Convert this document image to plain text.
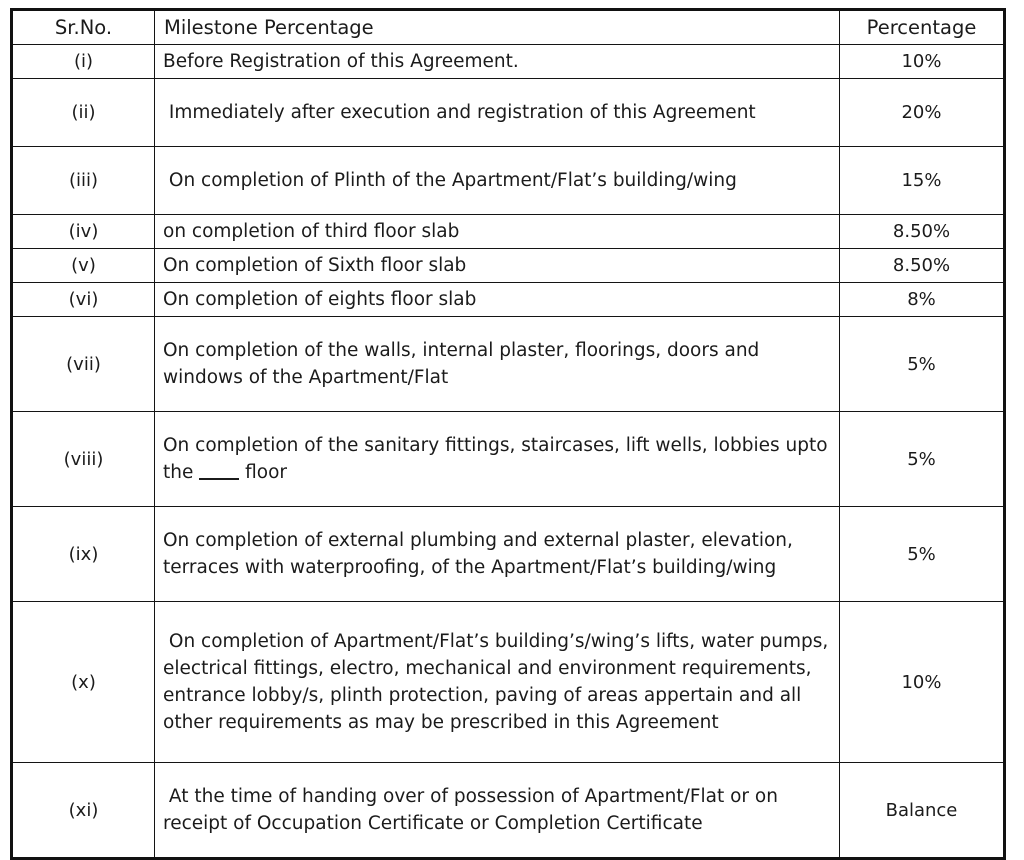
Sr.No.	Milestone Percentage	Percentage
(i)	Before Registration of this Agreement.	10%
(ii)	Immediately after execution and registration of this Agreement	20%
(iii)	On completion of Plinth of the Apartment/Flat’s building/wing	15%
(iv)	on completion of third floor slab	8.50%
(v)	On completion of Sixth floor slab	8.50%
(vi)	On completion of eights floor slab	8%
(vii)	On completion of the walls, internal plaster, floorings, doors and windows of the Apartment/Flat	5%
(viii)	On completion of the sanitary fittings, staircases, lift wells, lobbies upto the  floor	5%
(ix)	On completion of external plumbing and external plaster, elevation, terraces with waterproofing, of the Apartment/Flat’s building/wing	5%
(x)	On completion of Apartment/Flat’s building’s/wing’s lifts, water pumps, electrical fittings, electro, mechanical and environment requirements, entrance lobby/s, plinth protection, paving of areas appertain and all other requirements as may be prescribed in this Agreement	10%
(xi)	At the time of handing over of possession of Apartment/Flat or on receipt of Occupation Certificate or Completion Certificate	Balance
